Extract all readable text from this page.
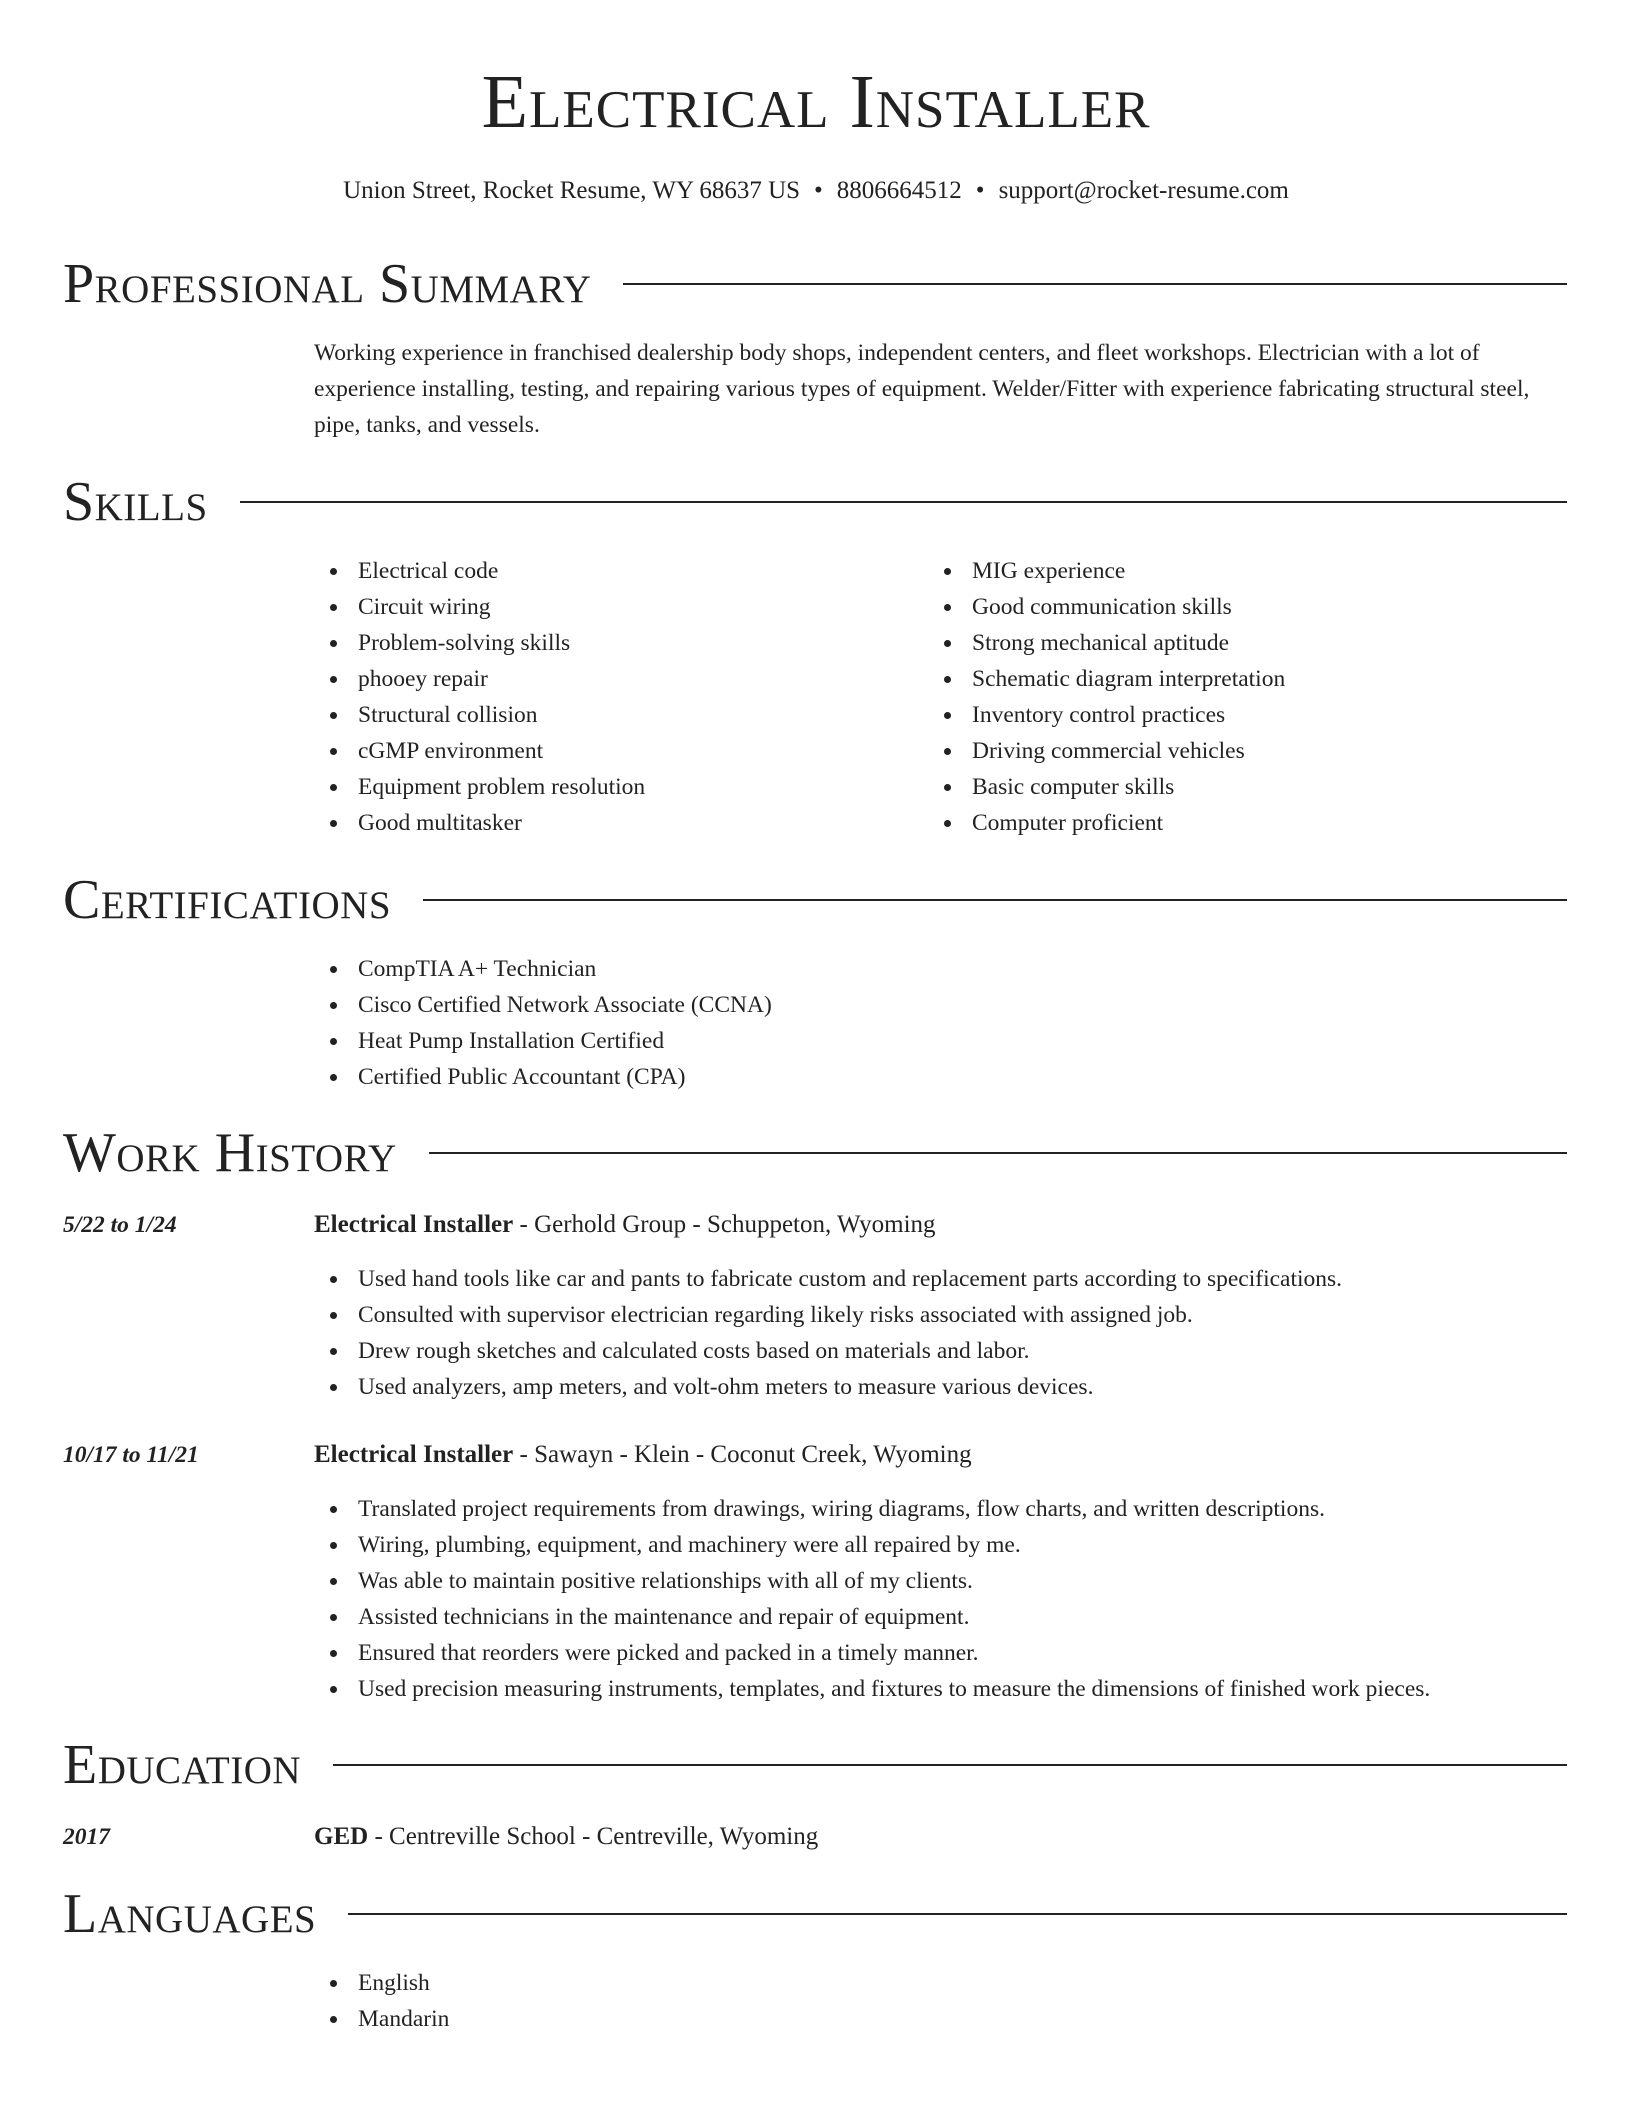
Electrical Installer
Union Street, Rocket Resume, WY 68637 US • 8806664512 • support@rocket-resume.com
Professional Summary
Working experience in franchised dealership body shops, independent centers, and fleet workshops. Electrician with a lot of experience installing, testing, and repairing various types of equipment. Welder/Fitter with experience fabricating structural steel, pipe, tanks, and vessels.
Skills
Electrical code
Circuit wiring
Problem-solving skills
phooey repair
Structural collision
cGMP environment
Equipment problem resolution
Good multitasker
MIG experience
Good communication skills
Strong mechanical aptitude
Schematic diagram interpretation
Inventory control practices
Driving commercial vehicles
Basic computer skills
Computer proficient
Certifications
CompTIA A+ Technician
Cisco Certified Network Associate (CCNA)
Heat Pump Installation Certified
Certified Public Accountant (CPA)
Work History
5/22 to 1/24	Electrical Installer - Gerhold Group - Schuppeton, Wyoming
Used hand tools like car and pants to fabricate custom and replacement parts according to specifications.
Consulted with supervisor electrician regarding likely risks associated with assigned job.
Drew rough sketches and calculated costs based on materials and labor.
Used analyzers, amp meters, and volt-ohm meters to measure various devices.
10/17 to 11/21	Electrical Installer - Sawayn - Klein - Coconut Creek, Wyoming
Translated project requirements from drawings, wiring diagrams, flow charts, and written descriptions.
Wiring, plumbing, equipment, and machinery were all repaired by me.
Was able to maintain positive relationships with all of my clients.
Assisted technicians in the maintenance and repair of equipment.
Ensured that reorders were picked and packed in a timely manner.
Used precision measuring instruments, templates, and fixtures to measure the dimensions of finished work pieces.
Education
2017	GED - Centreville School - Centreville, Wyoming
Languages
English
Mandarin
